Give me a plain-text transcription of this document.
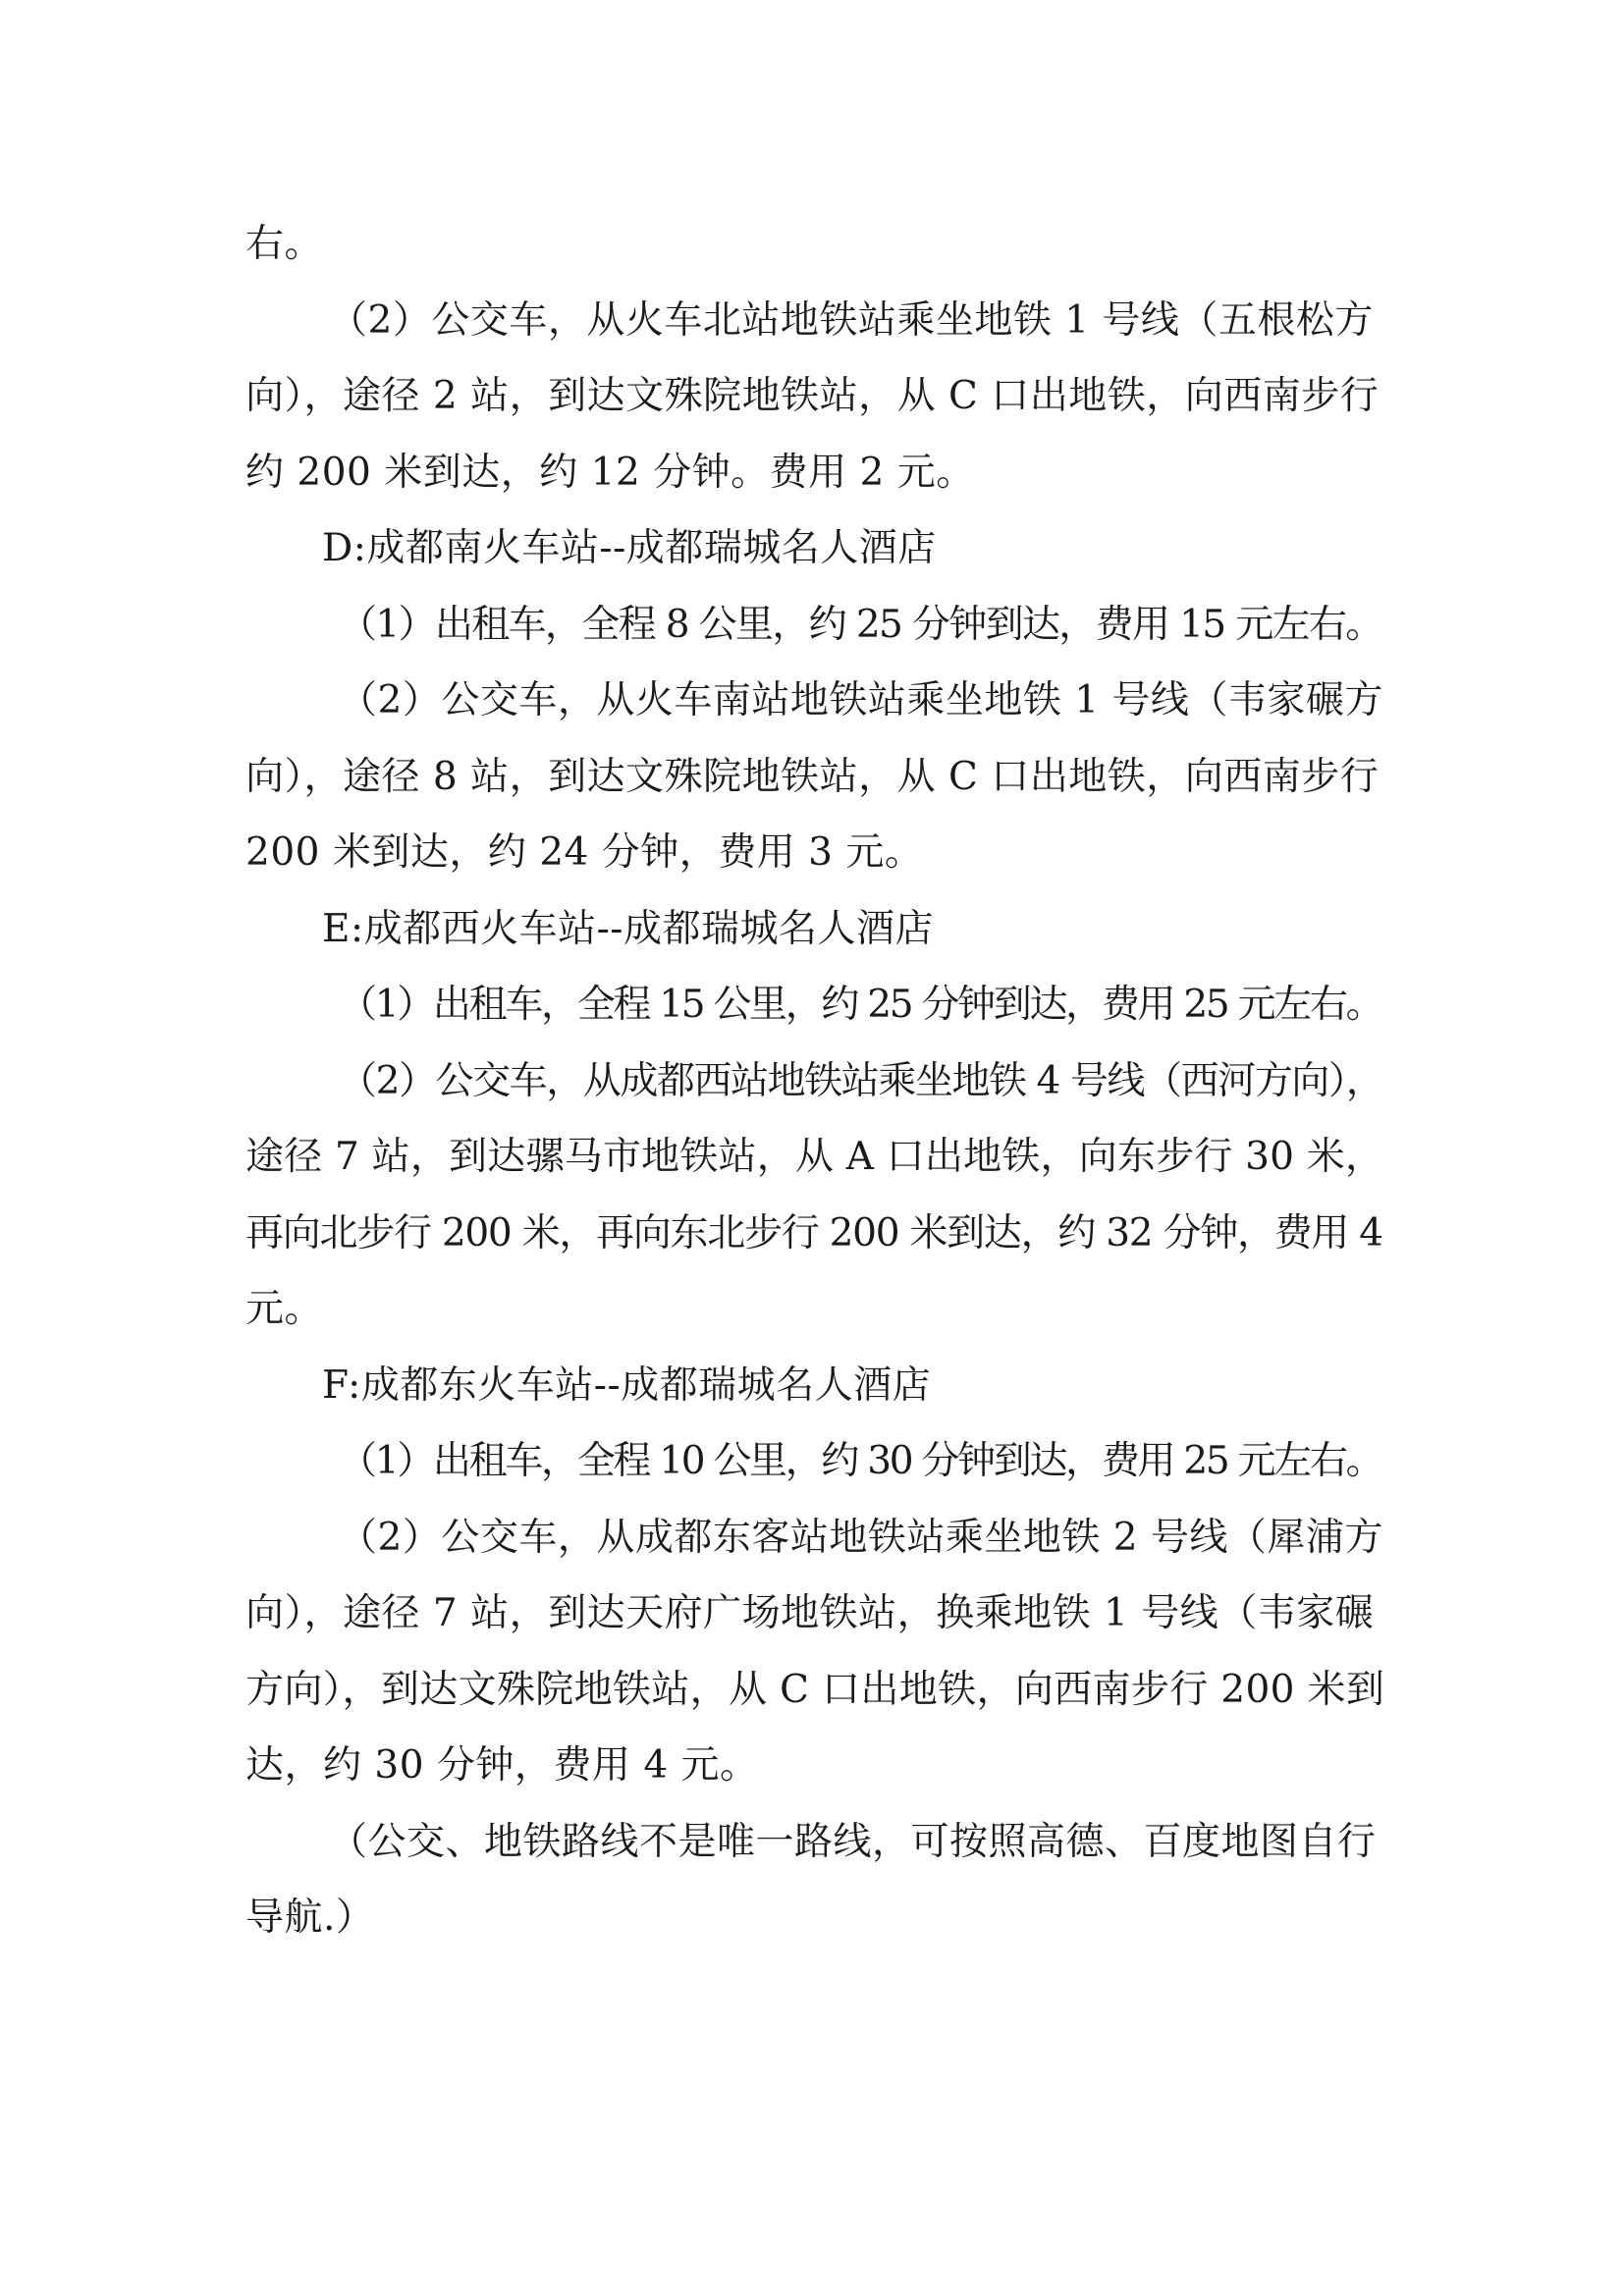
右。
（2）公交车，从火车北站地铁站乘坐地铁 1 号线（五根松方
向），途径 2 站，到达文殊院地铁站，从 C 口出地铁，向西南步行
约 200 米到达，约 12 分钟。费用 2 元。
D:成都南火车站--成都瑞城名人酒店
（1）出租车，全程 8 公里，约 25 分钟到达，费用 15 元左右。
（2）公交车，从火车南站地铁站乘坐地铁 1 号线（韦家碾方
向），途径 8 站，到达文殊院地铁站，从 C 口出地铁，向西南步行
200 米到达，约 24 分钟，费用 3 元。
E:成都西火车站--成都瑞城名人酒店
（1）出租车，全程 15 公里，约 25 分钟到达，费用 25 元左右。
（2）公交车，从成都西站地铁站乘坐地铁 4 号线（西河方向），
途径 7 站，到达骡马市地铁站，从 A 口出地铁，向东步行 30 米，
再向北步行 200 米，再向东北步行 200 米到达，约 32 分钟，费用 4
元。
F:成都东火车站--成都瑞城名人酒店
（1）出租车，全程 10 公里，约 30 分钟到达，费用 25 元左右。
（2）公交车，从成都东客站地铁站乘坐地铁 2 号线（犀浦方
向），途径 7 站，到达天府广场地铁站，换乘地铁 1 号线（韦家碾
方向），到达文殊院地铁站，从 C 口出地铁，向西南步行 200 米到
达，约 30 分钟，费用 4 元。
（公交、地铁路线不是唯一路线，可按照高德、百度地图自行
导航.）
